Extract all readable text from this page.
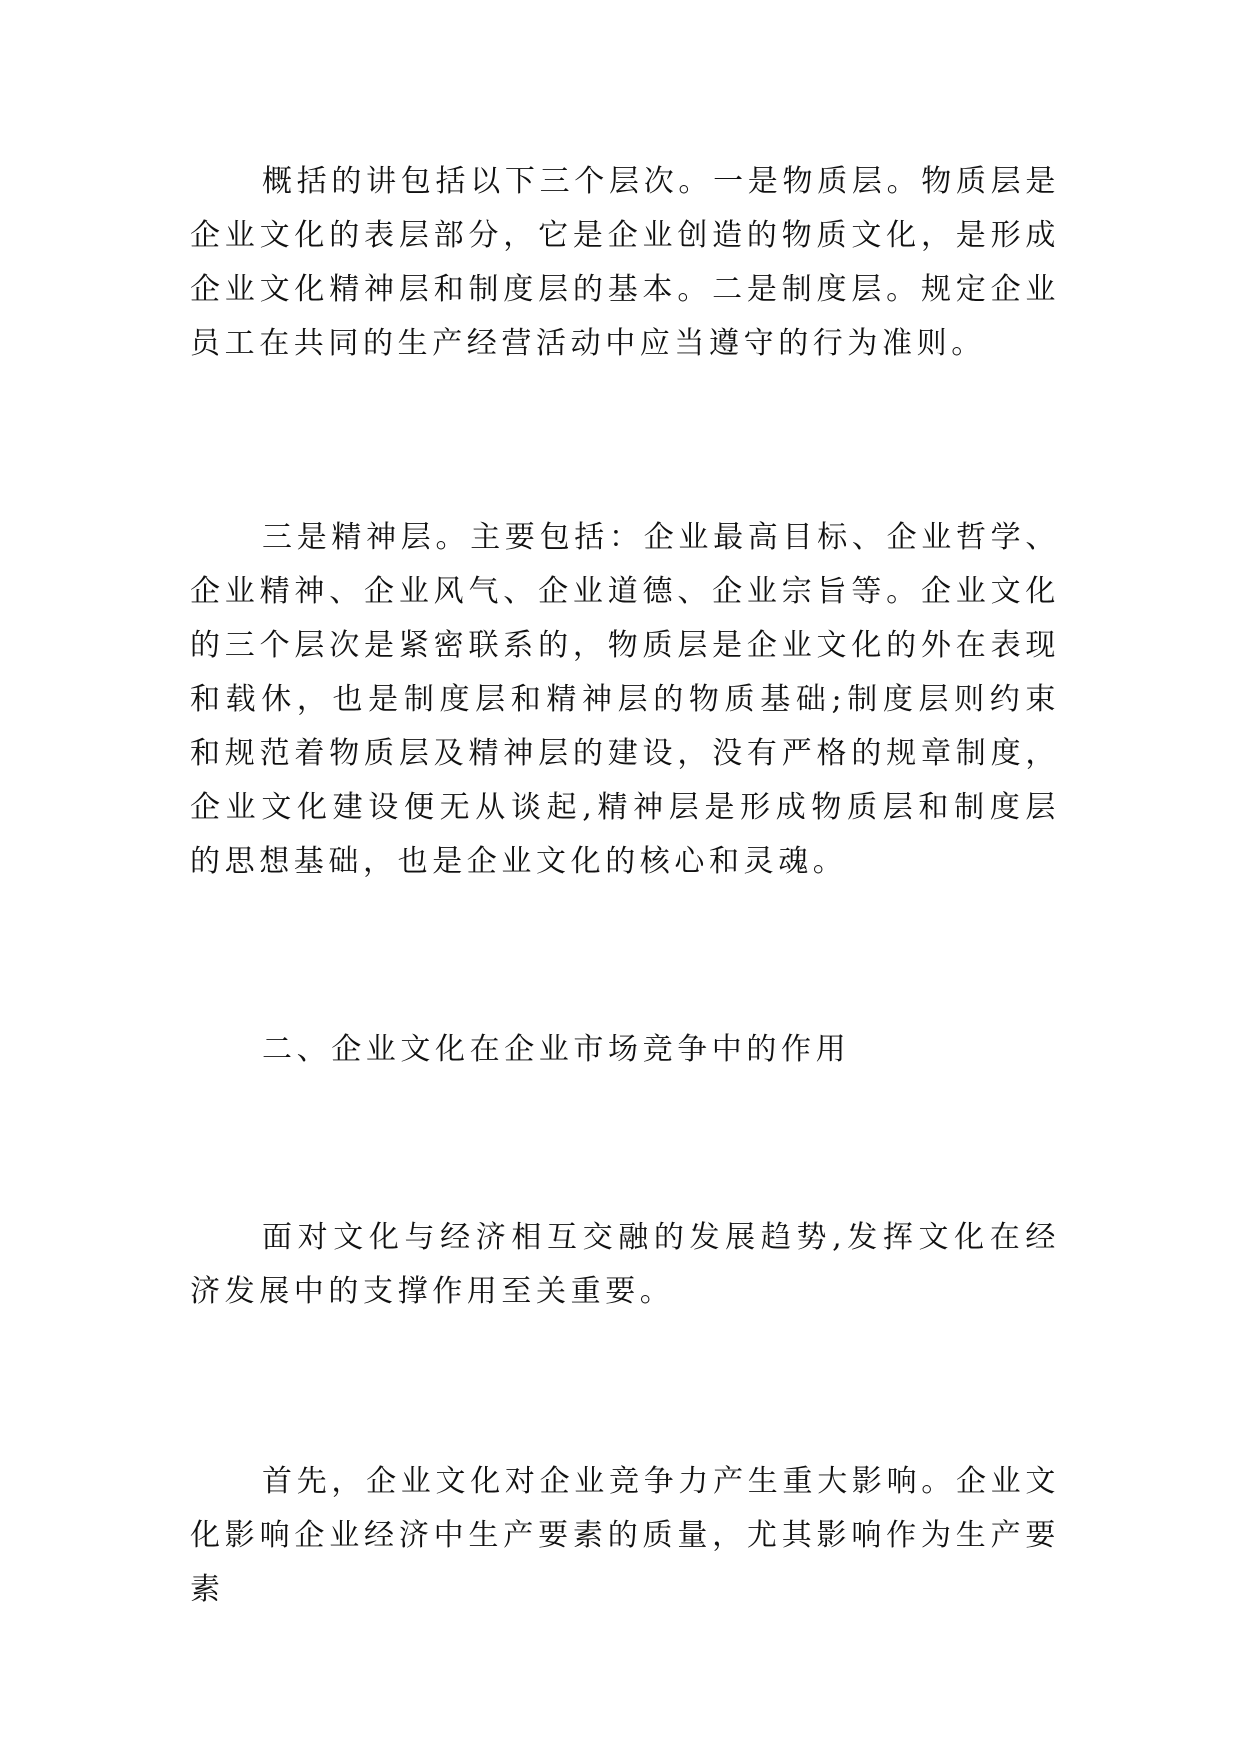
概括的讲包括以下三个层次。一是物质层。物质层是企业文化的表层部分，它是企业创造的物质文化，是形成企业文化精神层和制度层的基本。二是制度层。规定企业员工在共同的生产经营活动中应当遵守的行为准则。

三是精神层。主要包括：企业最高目标、企业哲学、企业精神、企业风气、企业道德、企业宗旨等。企业文化的三个层次是紧密联系的，物质层是企业文化的外在表现和载休，也是制度层和精神层的物质基础;制度层则约束和规范着物质层及精神层的建设，没有严格的规章制度，企业文化建设便无从谈起,精神层是形成物质层和制度层的思想基础，也是企业文化的核心和灵魂。

二、企业文化在企业市场竞争中的作用

面对文化与经济相互交融的发展趋势,发挥文化在经济发展中的支撑作用至关重要。

首先，企业文化对企业竞争力产生重大影响。企业文化影响企业经济中生产要素的质量，尤其影响作为生产要素
